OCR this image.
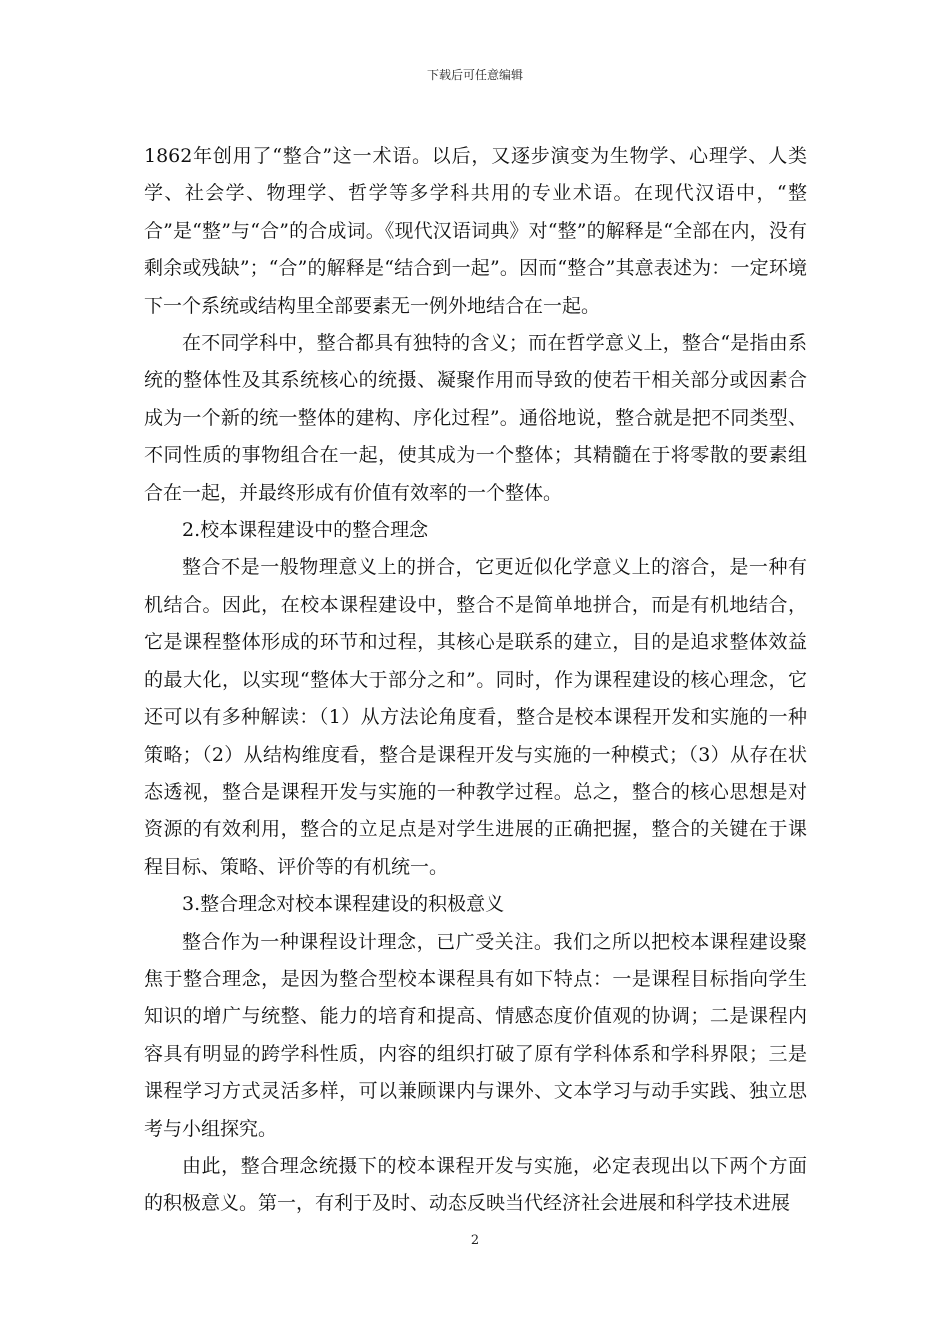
下载后可任意编辑

1862年创用了“整合”这一术语。以后，又逐步演变为生物学、心理学、人类学、社会学、物理学、哲学等多学科共用的专业术语。在现代汉语中，“整合”是“整”与“合”的合成词。《现代汉语词典》对“整”的解释是“全部在内，没有剩余或残缺”；“合”的解释是“结合到一起”。因而“整合”其意表述为：一定环境下一个系统或结构里全部要素无一例外地结合在一起。

在不同学科中，整合都具有独特的含义；而在哲学意义上，整合“是指由系统的整体性及其系统核心的统摄、凝聚作用而导致的使若干相关部分或因素合成为一个新的统一整体的建构、序化过程”。通俗地说，整合就是把不同类型、不同性质的事物组合在一起，使其成为一个整体；其精髓在于将零散的要素组合在一起，并最终形成有价值有效率的一个整体。

2.校本课程建设中的整合理念

整合不是一般物理意义上的拼合，它更近似化学意义上的溶合，是一种有机结合。因此，在校本课程建设中，整合不是简单地拼合，而是有机地结合，它是课程整体形成的环节和过程，其核心是联系的建立，目的是追求整体效益的最大化，以实现“整体大于部分之和”。同时，作为课程建设的核心理念，它还可以有多种解读：（1）从方法论角度看，整合是校本课程开发和实施的一种策略；（2）从结构维度看，整合是课程开发与实施的一种模式；（3）从存在状态透视，整合是课程开发与实施的一种教学过程。总之，整合的核心思想是对资源的有效利用，整合的立足点是对学生进展的正确把握，整合的关键在于课程目标、策略、评价等的有机统一。

3.整合理念对校本课程建设的积极意义

整合作为一种课程设计理念，已广受关注。我们之所以把校本课程建设聚焦于整合理念，是因为整合型校本课程具有如下特点：一是课程目标指向学生知识的增广与统整、能力的培育和提高、情感态度价值观的协调；二是课程内容具有明显的跨学科性质，内容的组织打破了原有学科体系和学科界限；三是课程学习方式灵活多样，可以兼顾课内与课外、文本学习与动手实践、独立思考与小组探究。

由此，整合理念统摄下的校本课程开发与实施，必定表现出以下两个方面的积极意义。第一，有利于及时、动态反映当代经济社会进展和科学技术进展

2
